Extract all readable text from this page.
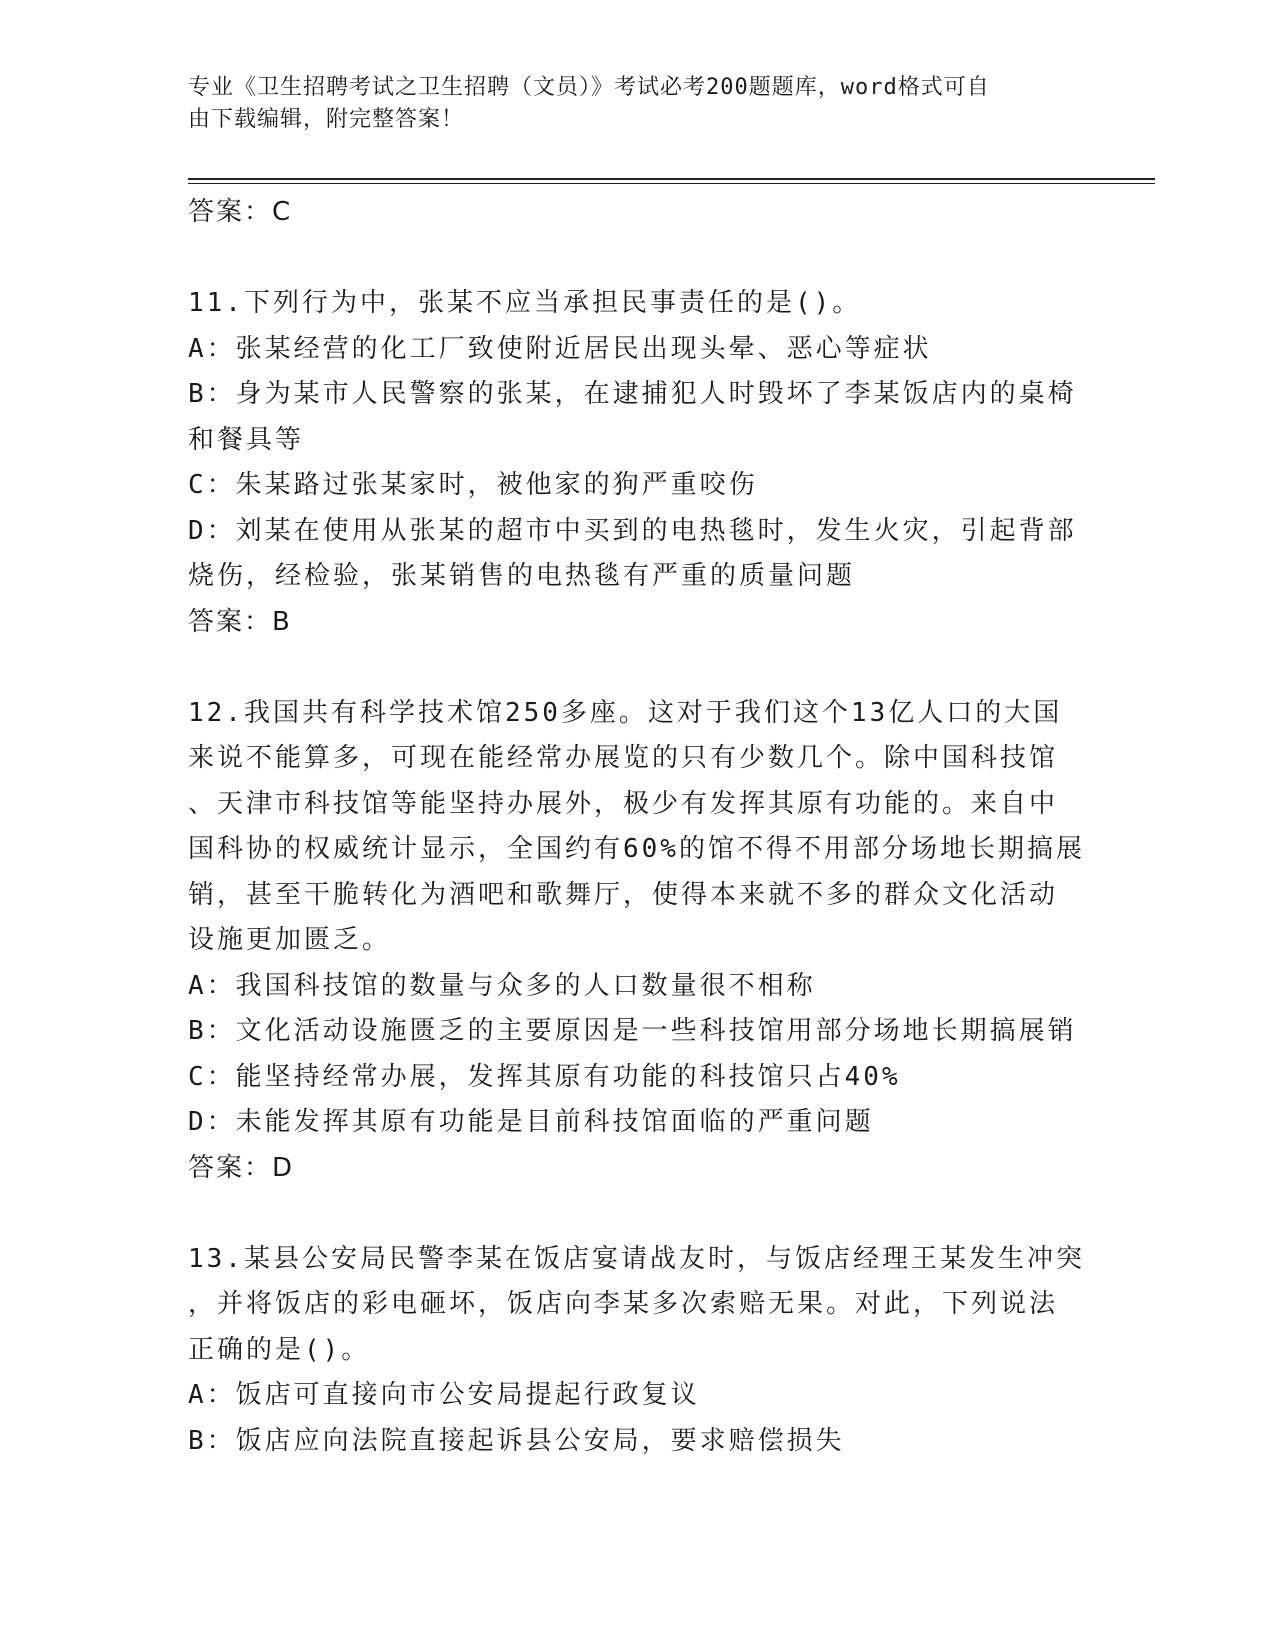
专业《卫生招聘考试之卫生招聘（文员）》考试必考200题题库，word格式可自
由下载编辑，附完整答案！
答案：C
11.下列行为中，张某不应当承担民事责任的是()。
A：张某经营的化工厂致使附近居民出现头晕、恶心等症状
B：身为某市人民警察的张某，在逮捕犯人时毁坏了李某饭店内的桌椅
和餐具等
C：朱某路过张某家时，被他家的狗严重咬伤
D：刘某在使用从张某的超市中买到的电热毯时，发生火灾，引起背部
烧伤，经检验，张某销售的电热毯有严重的质量问题
答案：B
12.我国共有科学技术馆250多座。这对于我们这个13亿人口的大国
来说不能算多，可现在能经常办展览的只有少数几个。除中国科技馆
、天津市科技馆等能坚持办展外，极少有发挥其原有功能的。来自中
国科协的权威统计显示，全国约有60%的馆不得不用部分场地长期搞展
销，甚至干脆转化为酒吧和歌舞厅，使得本来就不多的群众文化活动
设施更加匮乏。
A：我国科技馆的数量与众多的人口数量很不相称
B：文化活动设施匮乏的主要原因是一些科技馆用部分场地长期搞展销
C：能坚持经常办展，发挥其原有功能的科技馆只占40%
D：未能发挥其原有功能是目前科技馆面临的严重问题
答案：D
13.某县公安局民警李某在饭店宴请战友时，与饭店经理王某发生冲突
，并将饭店的彩电砸坏，饭店向李某多次索赔无果。对此，下列说法
正确的是()。
A：饭店可直接向市公安局提起行政复议
B：饭店应向法院直接起诉县公安局，要求赔偿损失
